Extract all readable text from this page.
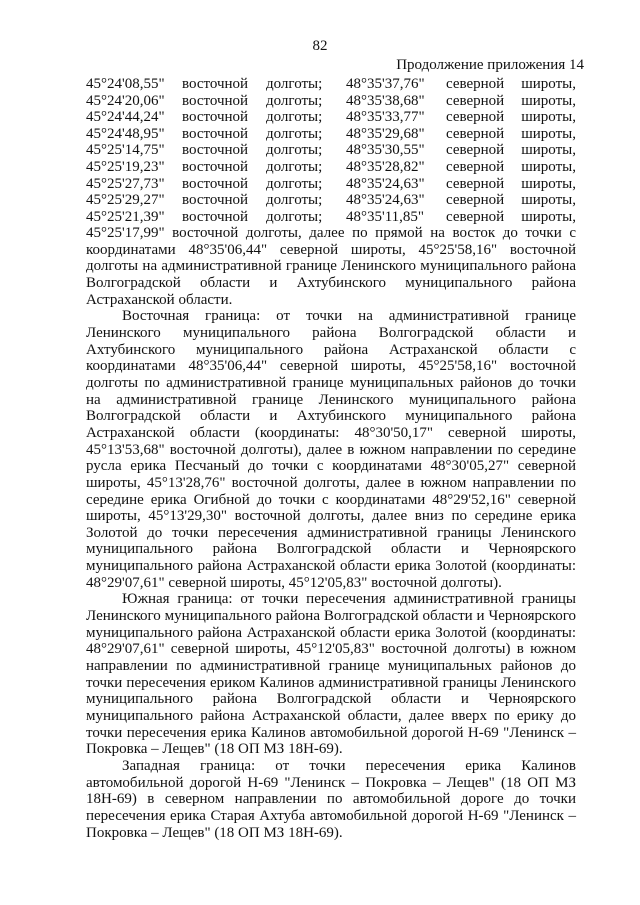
82
Продолжение приложения 14
45°24'08,55"	восточной	долготы;	48°35'37,76"	северной	широты,
45°24'20,06"	восточной	долготы;	48°35'38,68"	северной	широты,
45°24'44,24"	восточной	долготы;	48°35'33,77"	северной	широты,
45°24'48,95"	восточной	долготы;	48°35'29,68"	северной	широты,
45°25'14,75"	восточной	долготы;	48°35'30,55"	северной	широты,
45°25'19,23"	восточной	долготы;	48°35'28,82"	северной	широты,
45°25'27,73"	восточной	долготы;	48°35'24,63"	северной	широты,
45°25'29,27"	восточной	долготы;	48°35'24,63"	северной	широты,
45°25'21,39"	восточной	долготы;	48°35'11,85"	северной	широты,

45°25'17,99" восточной долготы, далее по прямой на восток до точки с координатами 48°35'06,44" северной широты, 45°25'58,16" восточной долготы на административной границе Ленинского муниципального района Волгоградской области и Ахтубинского муниципального района Астраханской области.

Восточная граница: от точки на административной границе Ленинского муниципального района Волгоградской области и Ахтубинского муниципального района Астраханской области с координатами 48°35'06,44" северной широты, 45°25'58,16" восточной долготы по административной границе муниципальных районов до точки на административной границе Ленинского муниципального района Волгоградской области и Ахтубинского муниципального района Астраханской области (координаты: 48°30'50,17" северной широты, 45°13'53,68" восточной долготы), далее в южном направлении по середине русла ерика Песчаный до точки с координатами 48°30'05,27" северной широты, 45°13'28,76" восточной долготы, далее в южном направлении по середине ерика Огибной до точки с координатами 48°29'52,16" северной широты, 45°13'29,30" восточной долготы, далее вниз по середине ерика Золотой до точки пересечения административной границы Ленинского муниципального района Волгоградской области и Черноярского муниципального района Астраханской области ерика Золотой (координаты: 48°29'07,61" северной широты, 45°12'05,83" восточной долготы).

Южная граница: от точки пересечения административной границы Ленинского муниципального района Волгоградской области и Черноярского муниципального района Астраханской области ерика Золотой (координаты: 48°29'07,61" северной широты, 45°12'05,83" восточной долготы) в южном направлении по административной границе муниципальных районов до точки пересечения ериком Калинов административной границы Ленинского муниципального района Волгоградской области и Черноярского муниципального района Астраханской области, далее вверх по ерику до точки пересечения ерика Калинов автомобильной дорогой Н-69 "Ленинск – Покровка – Лещев" (18 ОП МЗ 18Н-69).

Западная граница: от точки пересечения ерика Калинов автомобильной дорогой Н-69 "Ленинск – Покровка – Лещев" (18 ОП МЗ 18Н-69) в северном направлении по автомобильной дороге до точки пересечения ерика Старая Ахтуба автомобильной дорогой Н-69 "Ленинск – Покровка – Лещев" (18 ОП МЗ 18Н-69).
